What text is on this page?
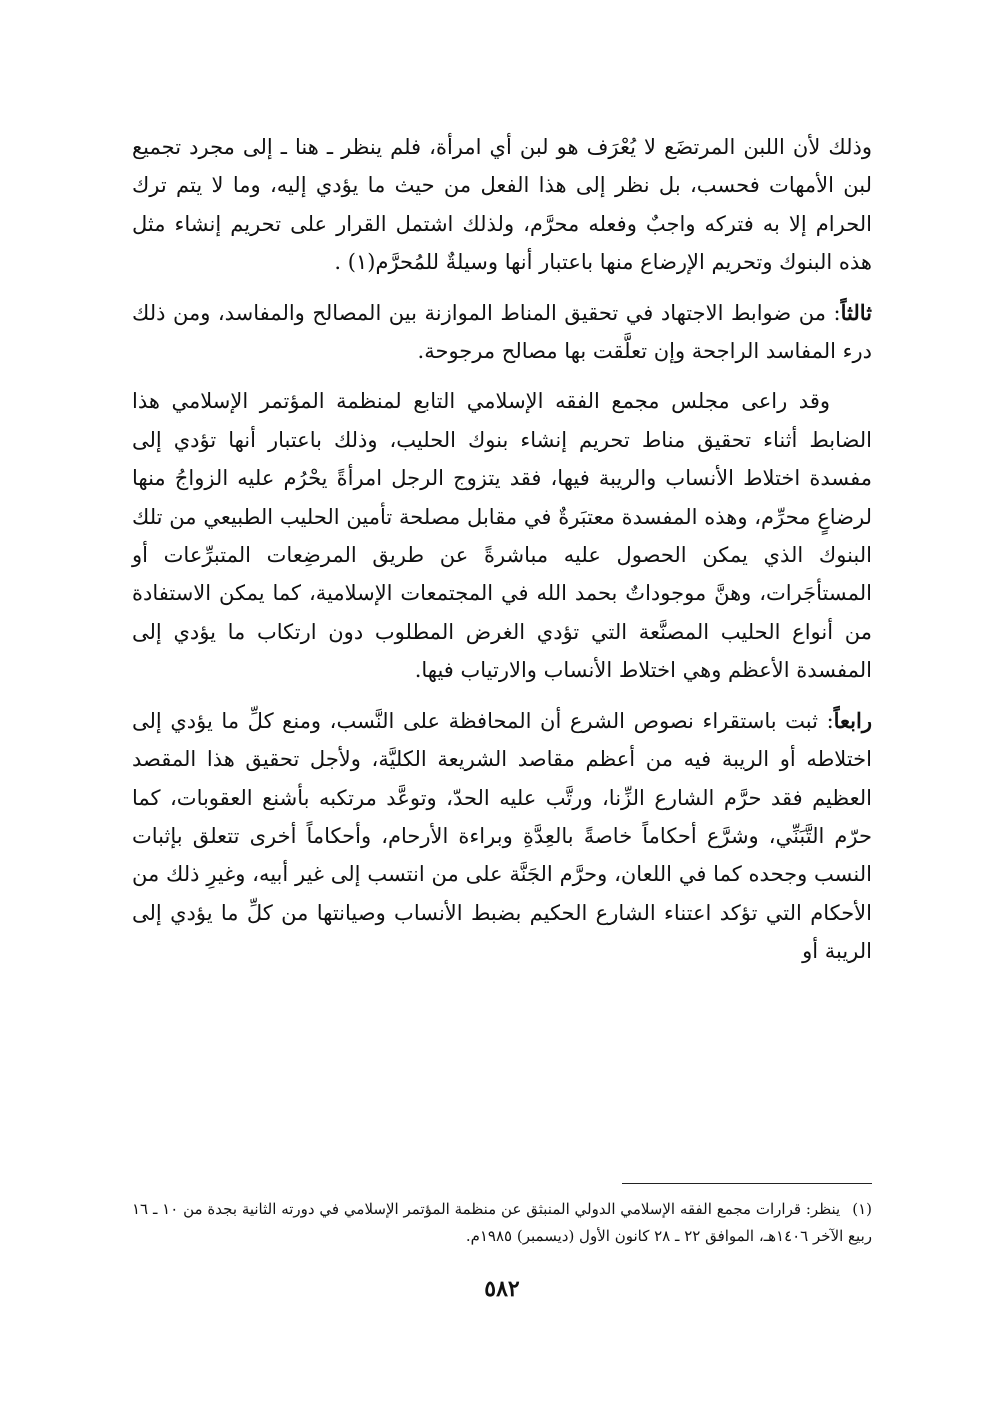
وذلك لأن اللبن المرتضَع لا يُعْرَف هو لبن أي امرأة، فلم ينظر ـ هنا ـ إلى مجرد تجميع لبن الأمهات فحسب، بل نظر إلى هذا الفعل من حيث ما يؤدي إليه، وما لا يتم ترك الحرام إلا به فتركه واجبٌ وفعله محرَّم، ولذلك اشتمل القرار على تحريم إنشاء مثل هذه البنوك وتحريم الإرضاع منها باعتبار أنها وسيلةٌ للمُحرَّم(١) .

ثالثاً: من ضوابط الاجتهاد في تحقيق المناط الموازنة بين المصالح والمفاسد، ومن ذلك درء المفاسد الراجحة وإن تعلَّقت بها مصالح مرجوحة.

وقد راعى مجلس مجمع الفقه الإسلامي التابع لمنظمة المؤتمر الإسلامي هذا الضابط أثناء تحقيق مناط تحريم إنشاء بنوك الحليب، وذلك باعتبار أنها تؤدي إلى مفسدة اختلاط الأنساب والريبة فيها، فقد يتزوج الرجل امرأةً يحْرُم عليه الزواجُ منها لرضاعٍ محرِّم، وهذه المفسدة معتبَرةٌ في مقابل مصلحة تأمين الحليب الطبيعي من تلك البنوك الذي يمكن الحصول عليه مباشرةً عن طريق المرضِعات المتبرِّعات أو المستأجَرات، وهنَّ موجوداتٌ بحمد الله في المجتمعات الإسلامية، كما يمكن الاستفادة من أنواع الحليب المصنَّعة التي تؤدي الغرض المطلوب دون ارتكاب ما يؤدي إلى المفسدة الأعظم وهي اختلاط الأنساب والارتياب فيها.

رابعاً: ثبت باستقراء نصوص الشرع أن المحافظة على النَّسب، ومنع كلِّ ما يؤدي إلى اختلاطه أو الريبة فيه من أعظم مقاصد الشريعة الكليَّة، ولأجل تحقيق هذا المقصد العظيم فقد حرَّم الشارع الزِّنا، ورتَّب عليه الحدّ، وتوعَّد مرتكبه بأشنع العقوبات، كما حرّم التَّبَنِّي، وشرَّع أحكاماً خاصةً بالعِدَّةِ وبراءة الأرحام، وأحكاماً أخرى تتعلق بإثبات النسب وجحده كما في اللعان، وحرَّم الجَنَّة على من انتسب إلى غير أبيه، وغيرِ ذلك من الأحكام التي تؤكد اعتناء الشارع الحكيم بضبط الأنساب وصيانتها من كلِّ ما يؤدي إلى الريبة أو

(١)ينظر: قرارات مجمع الفقه الإسلامي الدولي المنبثق عن منظمة المؤتمر الإسلامي في دورته الثانية بجدة من ١٠ ـ ١٦ ربيع الآخر ١٤٠٦هـ، الموافق ٢٢ ـ ٢٨ كانون الأول (ديسمبر) ١٩٨٥م.
٥٨٢
